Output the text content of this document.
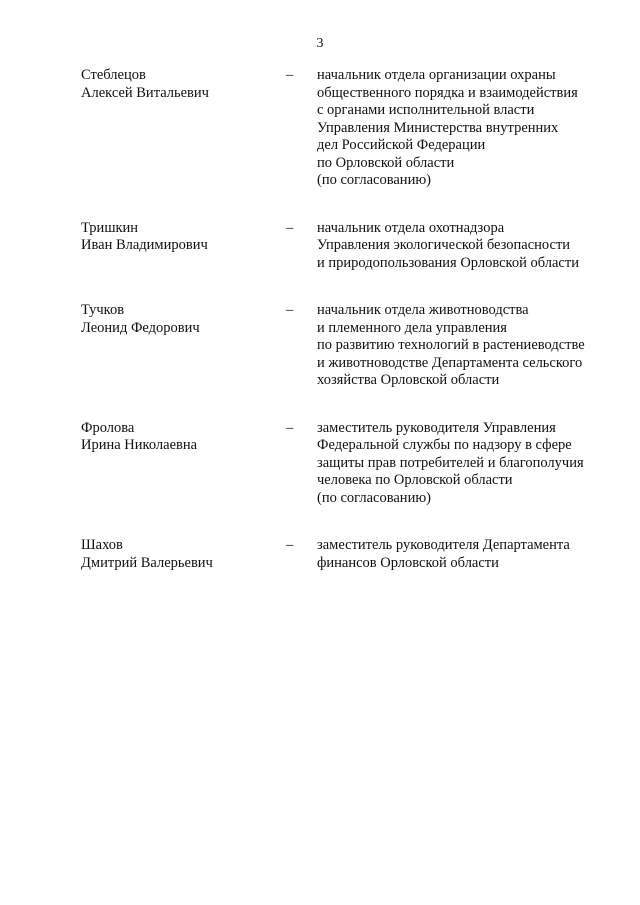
3
Стеблецов
Алексей Витальевич
–	начальник отдела организации охраны
общественного порядка и взаимодействия
с органами исполнительной власти
Управления Министерства внутренних
дел Российской Федерации
по Орловской области
(по согласованию)
Тришкин
Иван Владимирович
–	начальник отдела охотнадзора
Управления экологической безопасности
и природопользования Орловской области
Тучков
Леонид Федорович
–	начальник отдела животноводства
и племенного дела управления
по развитию технологий в растениеводстве
и животноводстве Департамента сельского
хозяйства Орловской области
Фролова
Ирина Николаевна
–	заместитель руководителя Управления
Федеральной службы по надзору в сфере
защиты прав потребителей и благополучия
человека по Орловской области
(по согласованию)
Шахов
Дмитрий Валерьевич
–	заместитель руководителя Департамента
финансов Орловской области
